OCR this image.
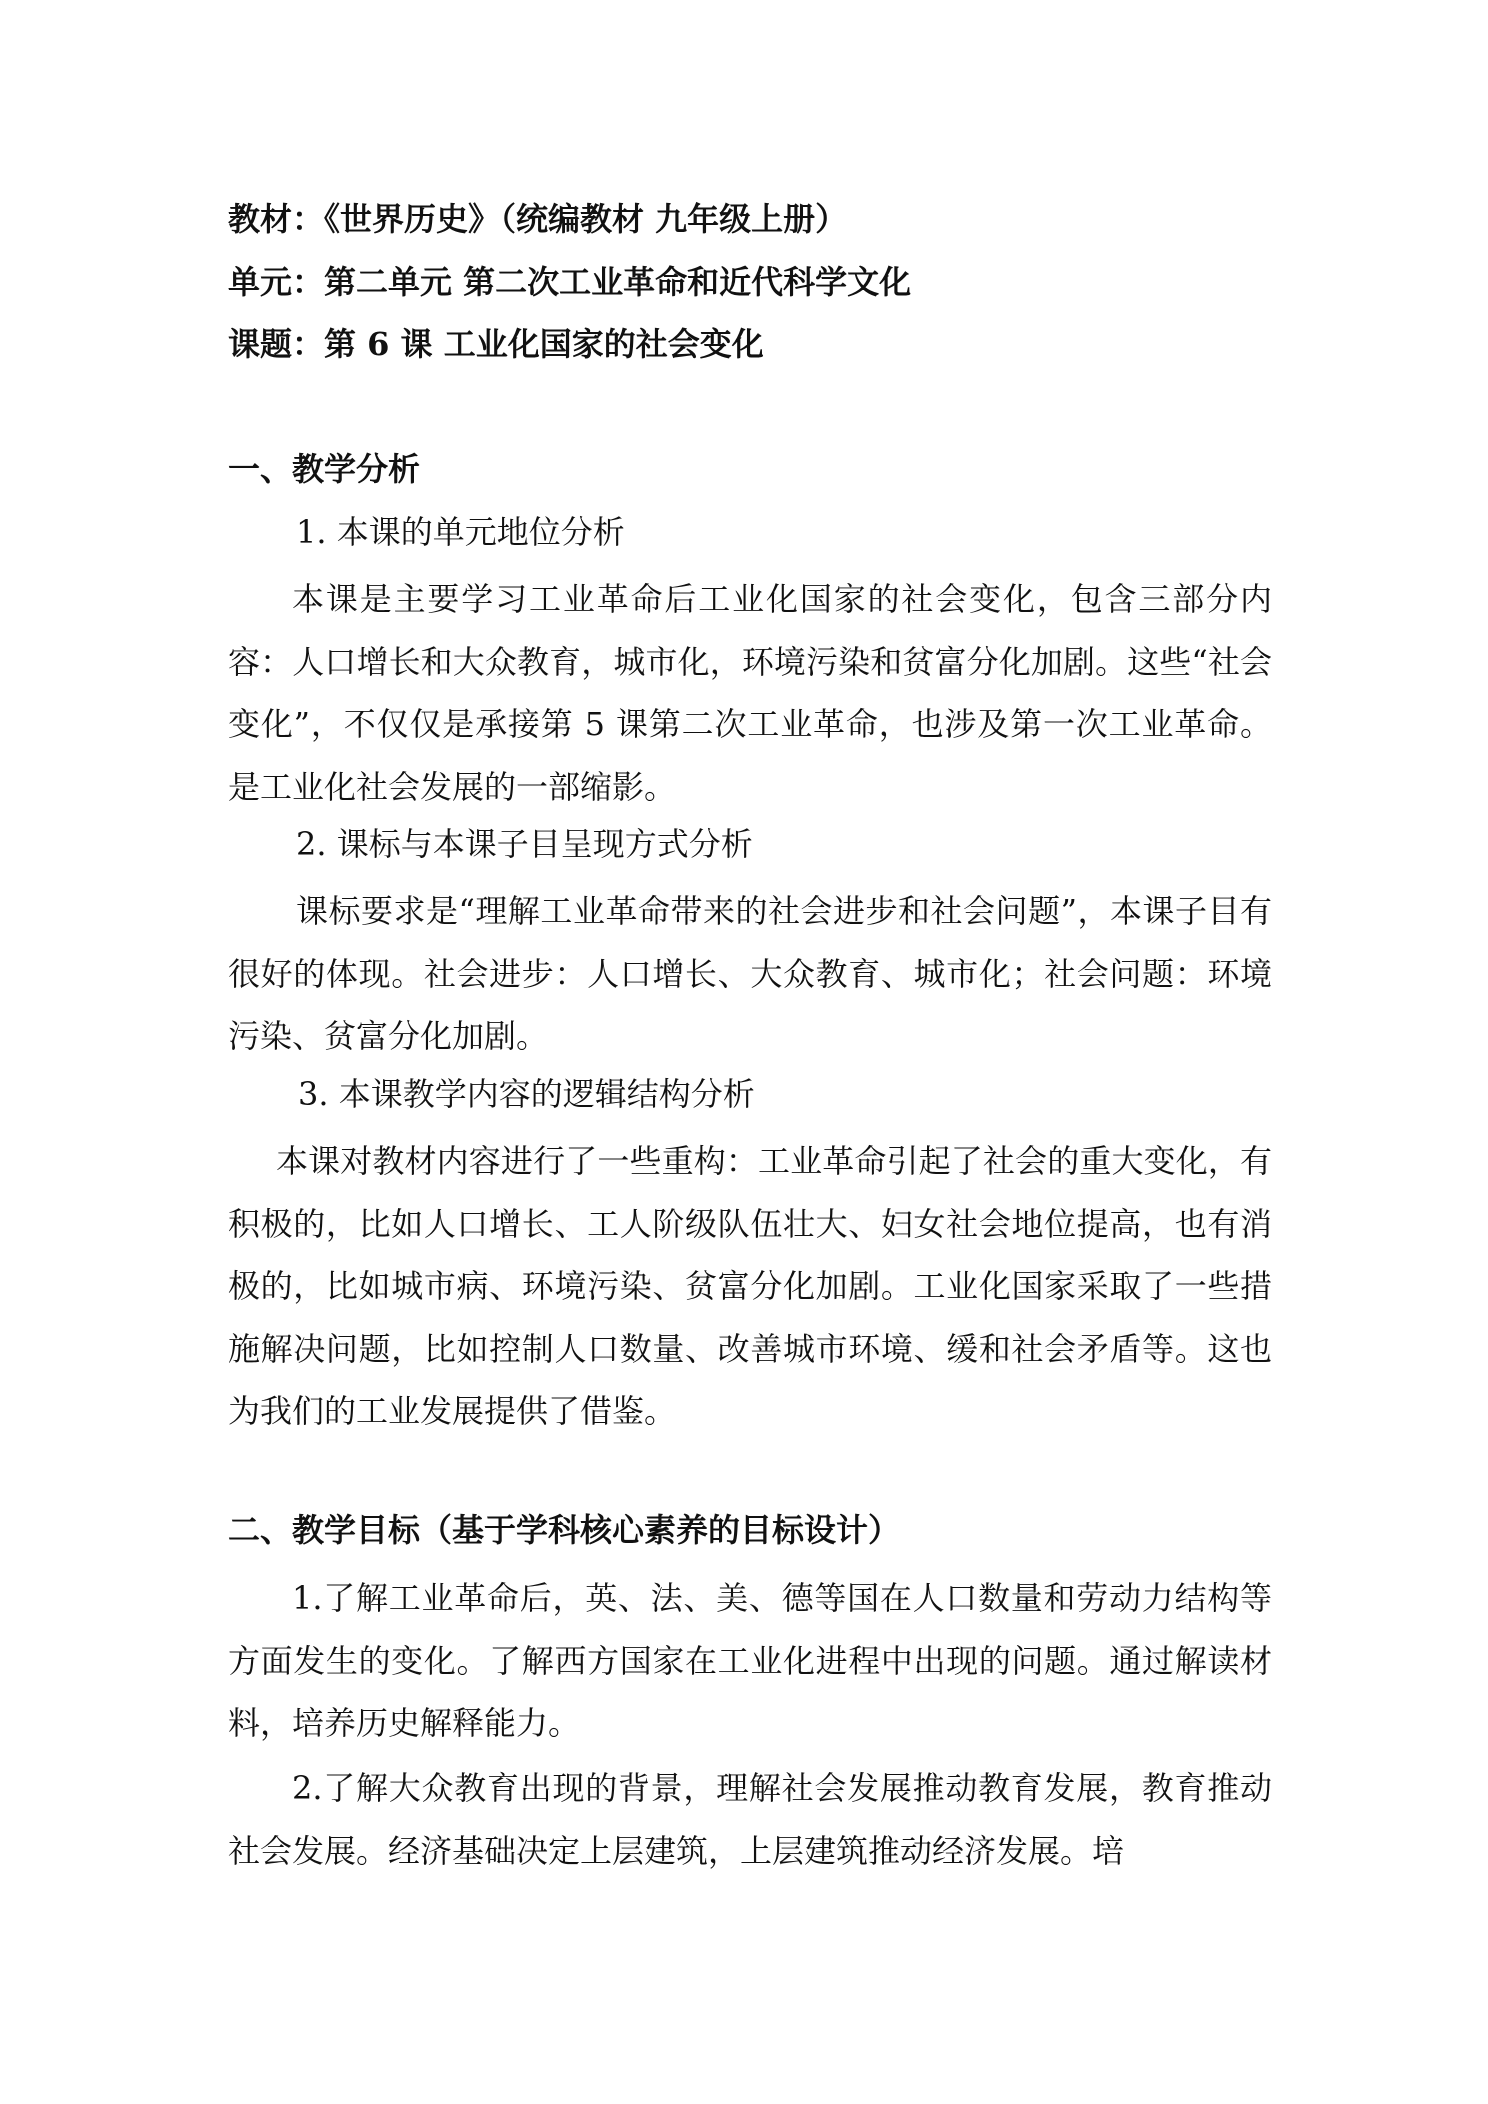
教材：《世界历史》（统编教材 九年级上册）
单元：第二单元 第二次工业革命和近代科学文化
课题：第 6 课 工业化国家的社会变化
一、教学分析
1. 本课的单元地位分析

本课是主要学习工业革命后工业化国家的社会变化，包含三部分内容：人口增长和大众教育，城市化，环境污染和贫富分化加剧。这些“社会变化”，不仅仅是承接第 5 课第二次工业革命，也涉及第一次工业革命。是工业化社会发展的一部缩影。

2. 课标与本课子目呈现方式分析

课标要求是“理解工业革命带来的社会进步和社会问题”，本课子目有很好的体现。社会进步：人口增长、大众教育、城市化；社会问题：环境污染、贫富分化加剧。

3. 本课教学内容的逻辑结构分析

本课对教材内容进行了一些重构：工业革命引起了社会的重大变化，有积极的，比如人口增长、工人阶级队伍壮大、妇女社会地位提高，也有消极的，比如城市病、环境污染、贫富分化加剧。工业化国家采取了一些措施解决问题，比如控制人口数量、改善城市环境、缓和社会矛盾等。这也为我们的工业发展提供了借鉴。

二、教学目标（基于学科核心素养的目标设计）

1.了解工业革命后，英、法、美、德等国在人口数量和劳动力结构等方面发生的变化。了解西方国家在工业化进程中出现的问题。通过解读材料，培养历史解释能力。

2.了解大众教育出现的背景，理解社会发展推动教育发展，教育推动社会发展。经济基础决定上层建筑，上层建筑推动经济发展。培
